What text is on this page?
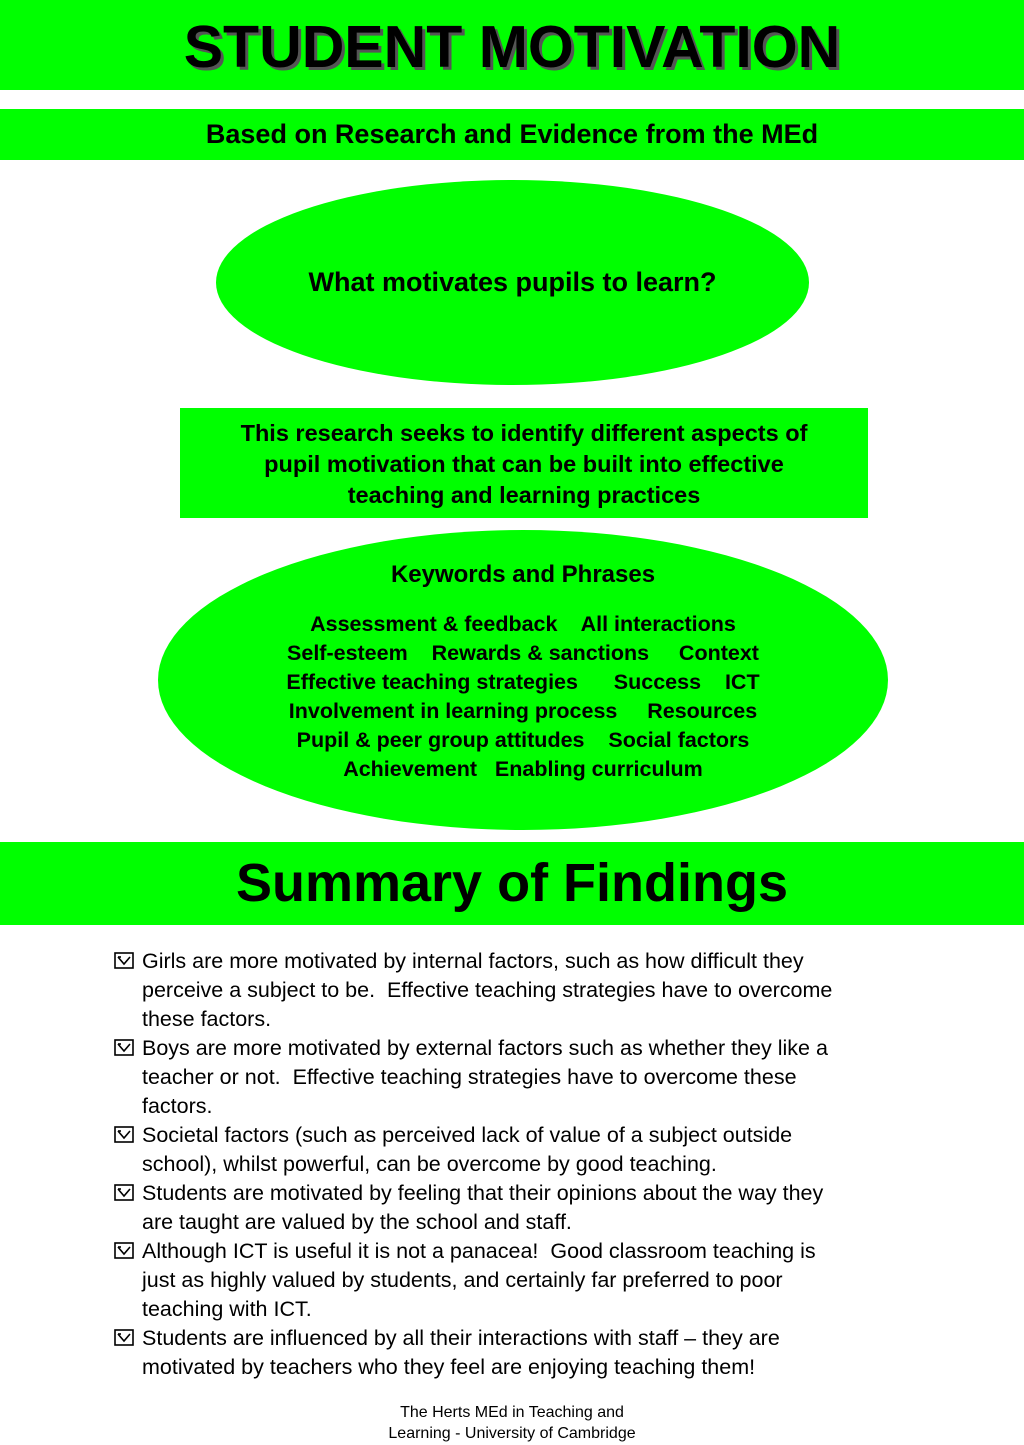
STUDENT MOTIVATION
Based on Research and Evidence from the MEd
What motivates pupils to learn?

This research seeks to identify different aspects of

pupil motivation that can be built into effective

teaching and learning practices

Keywords and Phrases
Assessment & feedback    All interactions
Self-esteem    Rewards & sanctions     Context
Effective teaching strategies      Success    ICT
Involvement in learning process     Resources
Pupil & peer group attitudes    Social factors
Achievement   Enabling curriculum
Summary of Findings
Girls are more motivated by internal factors, such as how difficult they
perceive a subject to be.  Effective teaching strategies have to overcome
these factors.
Boys are more motivated by external factors such as whether they like a
teacher or not.  Effective teaching strategies have to overcome these
factors.
Societal factors (such as perceived lack of value of a subject outside
school), whilst powerful, can be overcome by good teaching.
Students are motivated by feeling that their opinions about the way they
are taught are valued by the school and staff.
Although ICT is useful it is not a panacea!  Good classroom teaching is
just as highly valued by students, and certainly far preferred to poor
teaching with ICT.
Students are influenced by all their interactions with staff – they are
motivated by teachers who they feel are enjoying teaching them!
The Herts MEd in Teaching and
Learning - University of Cambridge
